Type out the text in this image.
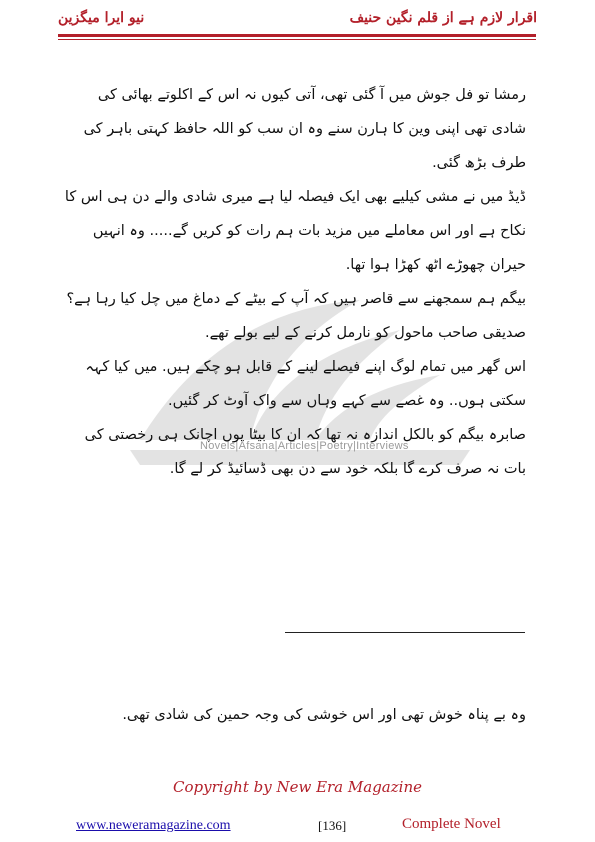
نیو ایرا میگزین	اقرار لازم ہے از قلم نگین حنیف
Novels|Afsana|Articles|Poetry|Interviews

رمشا تو فل جوش میں آ گئی تھی، آتی کیوں نہ اس کے اکلوتے بھائی کی شادی تھی اپنی وین کا ہارن سنے وہ ان سب کو اللہ حافظ کہتی باہر کی طرف بڑھ گئی.

ڈیڈ میں نے مشی کیلیے بھی ایک فیصلہ لیا ہے میری شادی والے دن ہی اس کا نکاح ہے اور اس معاملے میں مزید بات ہم رات کو کریں گے..... وہ انہیں حیران چھوڑے اٹھ کھڑا ہوا تھا.

بیگم ہم سمجھنے سے قاصر ہیں کہ آپ کے بیٹے کے دماغ میں چل کیا رہا ہے؟ صدیقی صاحب ماحول کو نارمل کرنے کے لیے بولے تھے.

اس گھر میں تمام لوگ اپنے فیصلے لینے کے قابل ہو چکے ہیں. میں کیا کہہ سکتی ہوں.. وہ غصے سے کہے وہاں سے واک آوٹ کر گئیں.

صابرہ بیگم کو بالکل اندازہ نہ تھا کہ ان کا بیٹا یوں اچانک ہی رخصتی کی بات نہ صرف کرے گا بلکہ خود سے دن بھی ڈسائیڈ کر لے گا.

وہ بے پناہ خوش تھی اور اس خوشی کی وجہ حمین کی شادی تھی.
Copyright by New Era Magazine
www.neweramagazine.com	[136]	Complete Novel
